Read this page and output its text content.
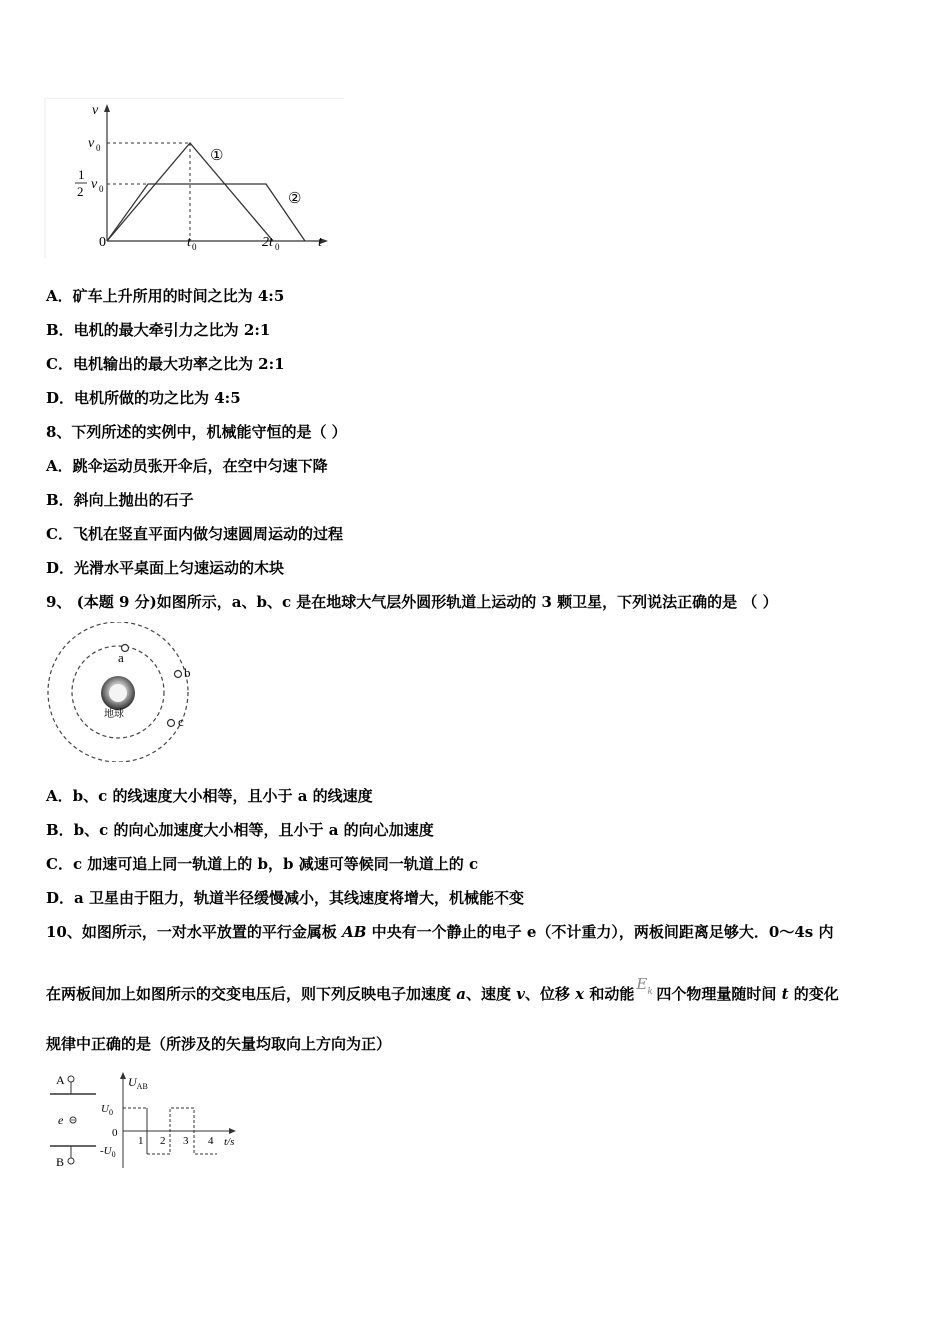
v
v 0
1
2 v 0
0	t 0	2t 0	t
①
②
A．矿车上升所用的时间之比为 4:5
B．电机的最大牵引力之比为 2:1
C．电机输出的最大功率之比为 2:1
D．电机所做的功之比为 4:5
8、下列所述的实例中，机械能守恒的是（ ）
A．跳伞运动员张开伞后，在空中匀速下降
B．斜向上抛出的石子
C．飞机在竖直平面内做匀速圆周运动的过程
D．光滑水平桌面上匀速运动的木块
9、 (本题 9 分)如图所示，a、b、c 是在地球大气层外圆形轨道上运动的 3 颗卫星，下列说法正确的是 （ ）
地球
a
b
c
A．b、c 的线速度大小相等，且小于 a 的线速度
B．b、c 的向心加速度大小相等，且小于 a 的向心加速度
C．c 加速可追上同一轨道上的 b，b 减速可等候同一轨道上的 c
D．a 卫星由于阻力，轨道半径缓慢减小，其线速度将增大，机械能不变
10、如图所示，一对水平放置的平行金属板 AB 中央有一个静止的电子 e（不计重力），两板间距离足够大．0～4s 内
在两板间加上如图所示的交变电压后，则下列反映电子加速度 a、速度 v、位移 x 和动能
E k 四个物理量随时间 t 的变化
规律中正确的是（所涉及的矢量均取向上方向为正）
A
e
B
$U_{AB}$
$U_0$
0
$-U_0$
1 2 3 4 t/s
